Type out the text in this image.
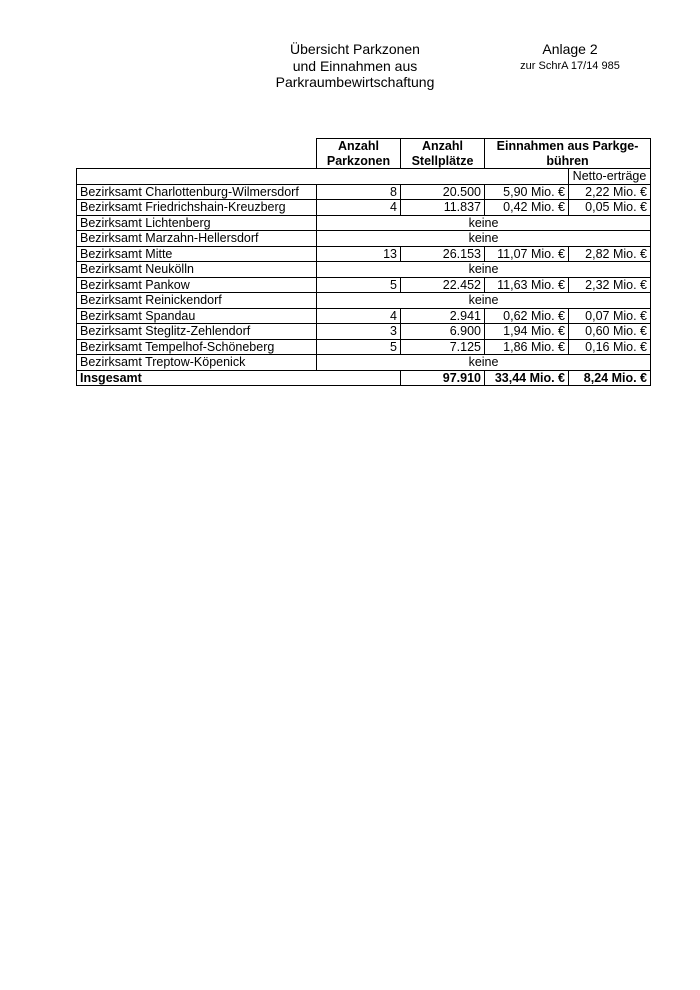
Übersicht Parkzonen
und Einnahmen aus
Parkraumbewirtschaftung
Anlage 2
zur SchrA 17/14 985
	Anzahl Parkzonen	Anzahl Stellplätze	Einnahmen aus Parkge-bühren	
				Netto-erträge
Bezirksamt Charlottenburg-Wilmersdorf	8	20.500	5,90 Mio. €	2,22 Mio. €
Bezirksamt Friedrichshain-Kreuzberg	4	11.837	0,42 Mio. €	0,05 Mio. €
Bezirksamt Lichtenberg	keine			
Bezirksamt Marzahn-Hellersdorf	keine			
Bezirksamt Mitte	13	26.153	11,07 Mio. €	2,82 Mio. €
Bezirksamt Neukölln	keine			
Bezirksamt Pankow	5	22.452	11,63 Mio. €	2,32 Mio. €
Bezirksamt Reinickendorf	keine			
Bezirksamt Spandau	4	2.941	0,62 Mio. €	0,07 Mio. €
Bezirksamt Steglitz-Zehlendorf	3	6.900	1,94 Mio. €	0,60 Mio. €
Bezirksamt Tempelhof-Schöneberg	5	7.125	1,86 Mio. €	0,16 Mio. €
Bezirksamt Treptow-Köpenick	keine			
Insgesamt		97.910	33,44 Mio. €	8,24 Mio. €
